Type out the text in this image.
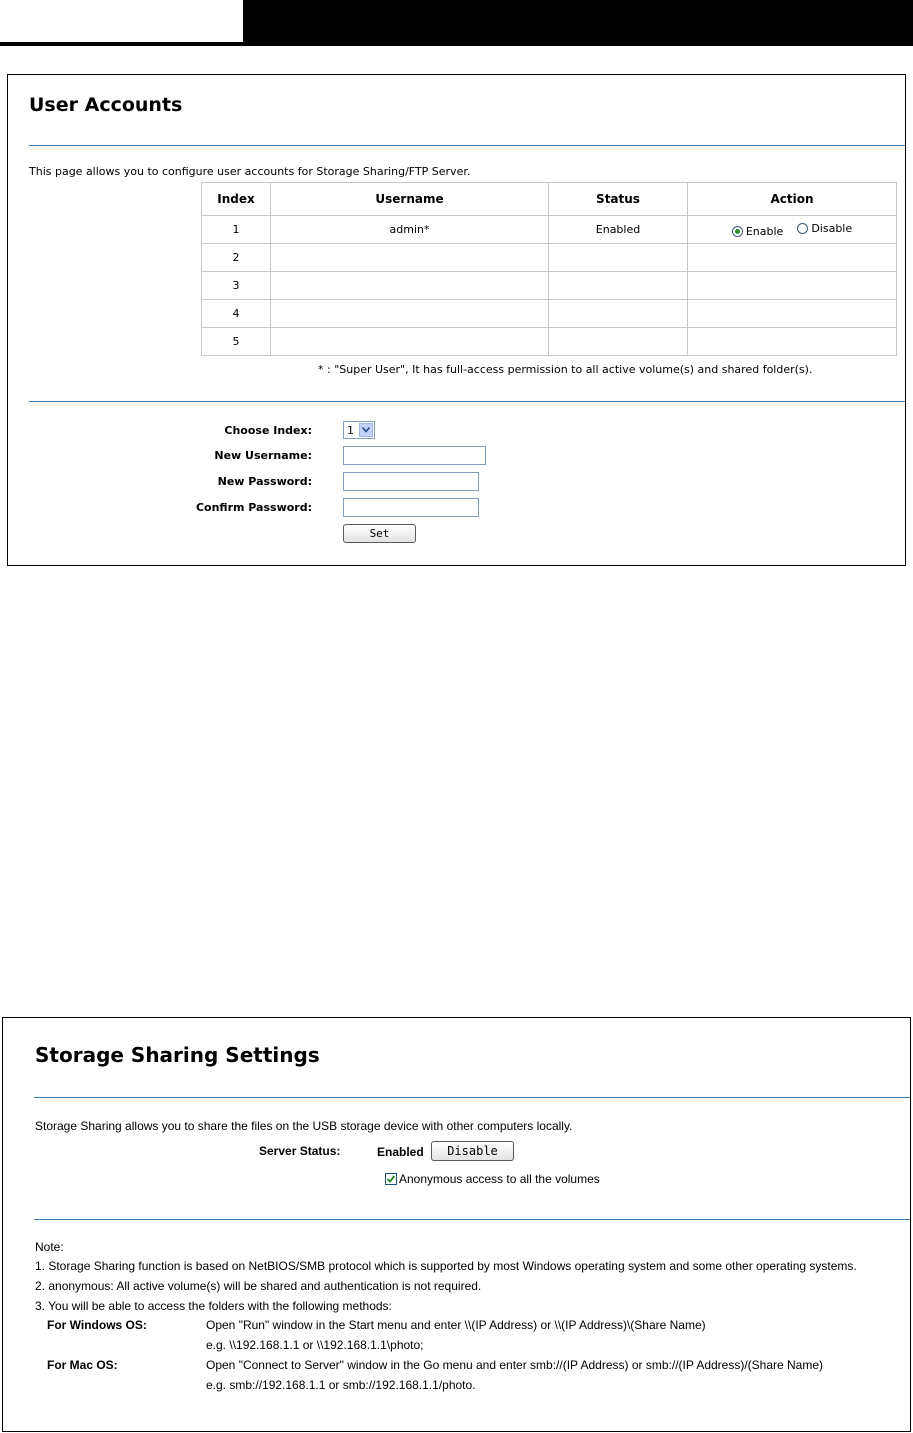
User Accounts
This page allows you to configure user accounts for Storage Sharing/FTP Server.
Index	Username	Status	Action
1	admin*	Enabled	Enable
Disable

2			
3			
4			
5			
* : "Super User", It has full-access permission to all active volume(s) and shared folder(s).
Choose Index:	1
New Username:
New Password:
Confirm Password:
Set
Storage Sharing Settings
Storage Sharing allows you to share the files on the USB storage device with other computers locally.
Server Status:	Enabled	Disable
Anonymous access to all the volumes
Note:
1. Storage Sharing function is based on NetBIOS/SMB protocol which is supported by most Windows operating system and some other operating systems.
2. anonymous: All active volume(s) will be shared and authentication is not required.
3. You will be able to access the folders with the following methods:
For Windows OS:	Open "Run" window in the Start menu and enter \\(IP Address) or \\(IP Address)\(Share Name)
e.g. \\192.168.1.1 or \\192.168.1.1\photo;
For Mac OS:	Open "Connect to Server" window in the Go menu and enter smb://(IP Address) or smb://(IP Address)/(Share Name)
e.g. smb://192.168.1.1 or smb://192.168.1.1/photo.
